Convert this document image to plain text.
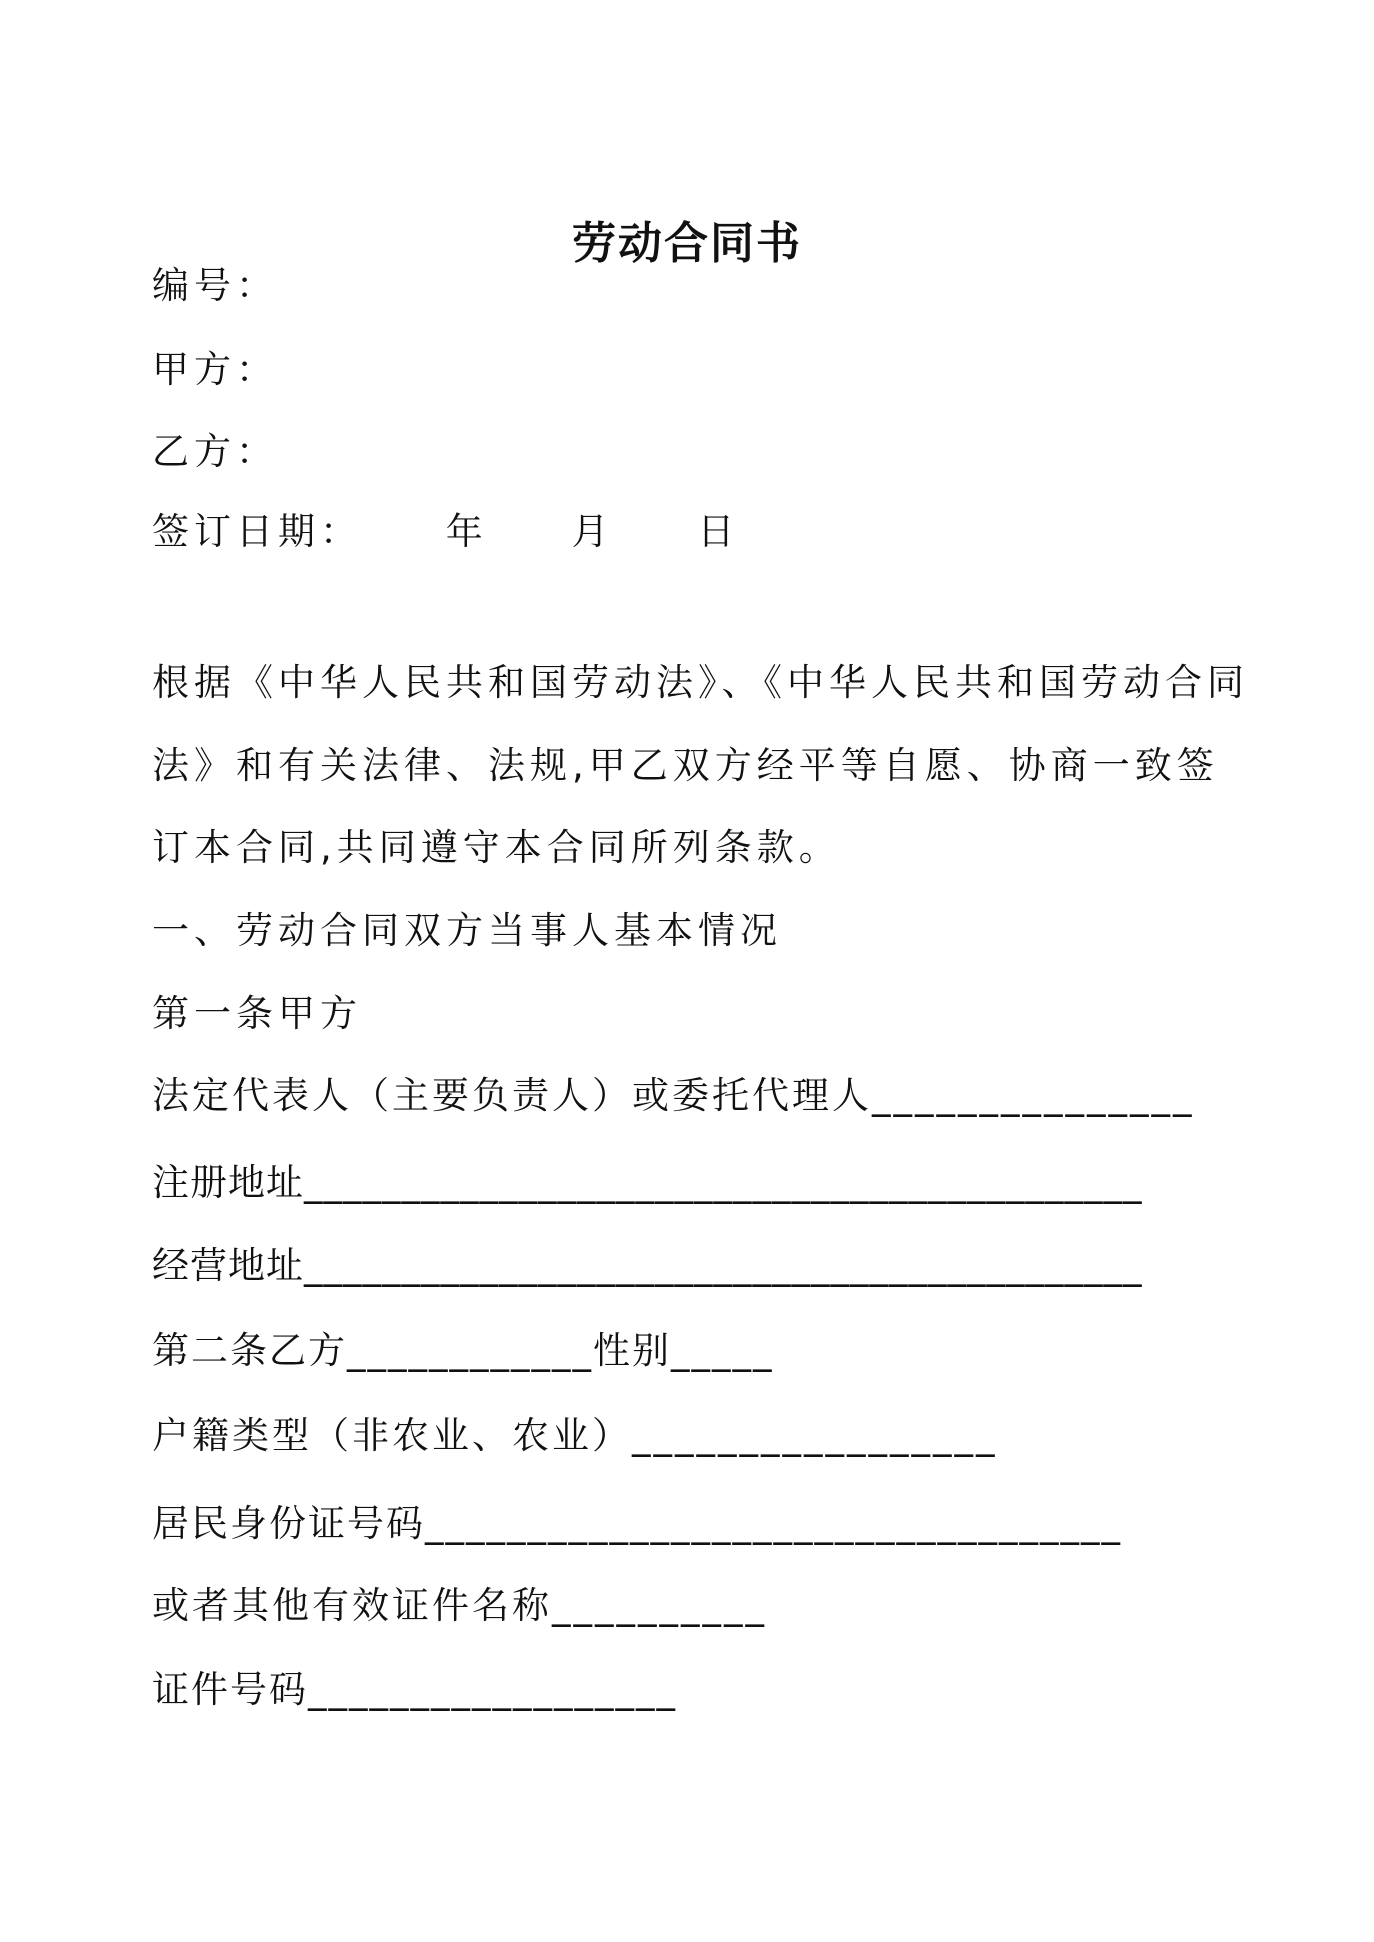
劳动合同书
编号：
甲方：
乙方：
签订日期：     年     月     日
根据《中华人民共和国劳动法》、《中华人民共和国劳动合同
法》和有关法律、法规,甲乙双方经平等自愿、协商一致签
订本合同,共同遵守本合同所列条款。
一、劳动合同双方当事人基本情况
第一条甲方
法定代表人（主要负责人）或委托代理人_______________
注册地址___________________________________________
经营地址___________________________________________
第二条乙方____________性别_____
户籍类型（非农业、农业）_________________
居民身份证号码__________________________________
或者其他有效证件名称__________
证件号码__________________
